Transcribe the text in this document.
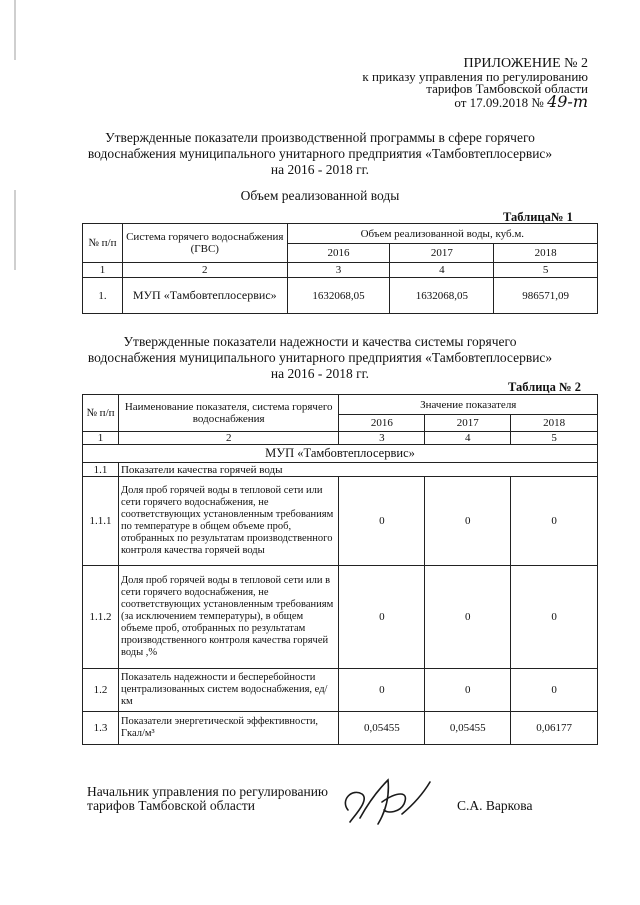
ПРИЛОЖЕНИЕ № 2
к приказу управления по регулированию
тарифов Тамбовской области
от 17.09.2018 № 49-т
Утвержденные показатели производственной программы в сфере горячего
водоснабжения муниципального унитарного предприятия «Тамбовтеплосервис»
на 2016 - 2018 гг.
Объем реализованной воды
Таблица№ 1
№ п/п	Система горячего водоснабжения (ГВС)	Объем реализованной воды, куб.м.		
		2016	2017	2018
1	2	3	4	5
1.	МУП «Тамбовтеплосервис»	1632068,05	1632068,05	986571,09
Утвержденные показатели надежности и качества системы горячего
водоснабжения муниципального унитарного предприятия «Тамбовтеплосервис»
на 2016 - 2018 гг.
Таблица № 2
№ п/п	Наименование показателя, система горячего водоснабжения	Значение показателя		
		2016	2017	2018
1	2	3	4	5
МУП «Тамбовтеплосервис»				
1.1	Показатели качества горячей воды			
1.1.1	Доля проб горячей воды в тепловой сети или сети горячего водоснабжения, не соответствующих установленным требованиям по температуре в общем объеме проб, отобранных по результатам производственного контроля качества горячей воды	0	0	0
1.1.2	Доля проб горячей воды в тепловой сети или в сети горячего водоснабжения, не соответствующих установленным требованиям (за исключением температуры), в общем объеме проб, отобранных по результатам производственного контроля качества горячей воды ,%	0	0	0
1.2	Показатель надежности и бесперебойности централизованных систем водоснабжения, ед/км	0	0	0
1.3	Показатели энергетической эффективности, Гкал/м³	0,05455	0,05455	0,06177
Начальник управления по регулированию
тарифов Тамбовской области	С.А. Варкова
